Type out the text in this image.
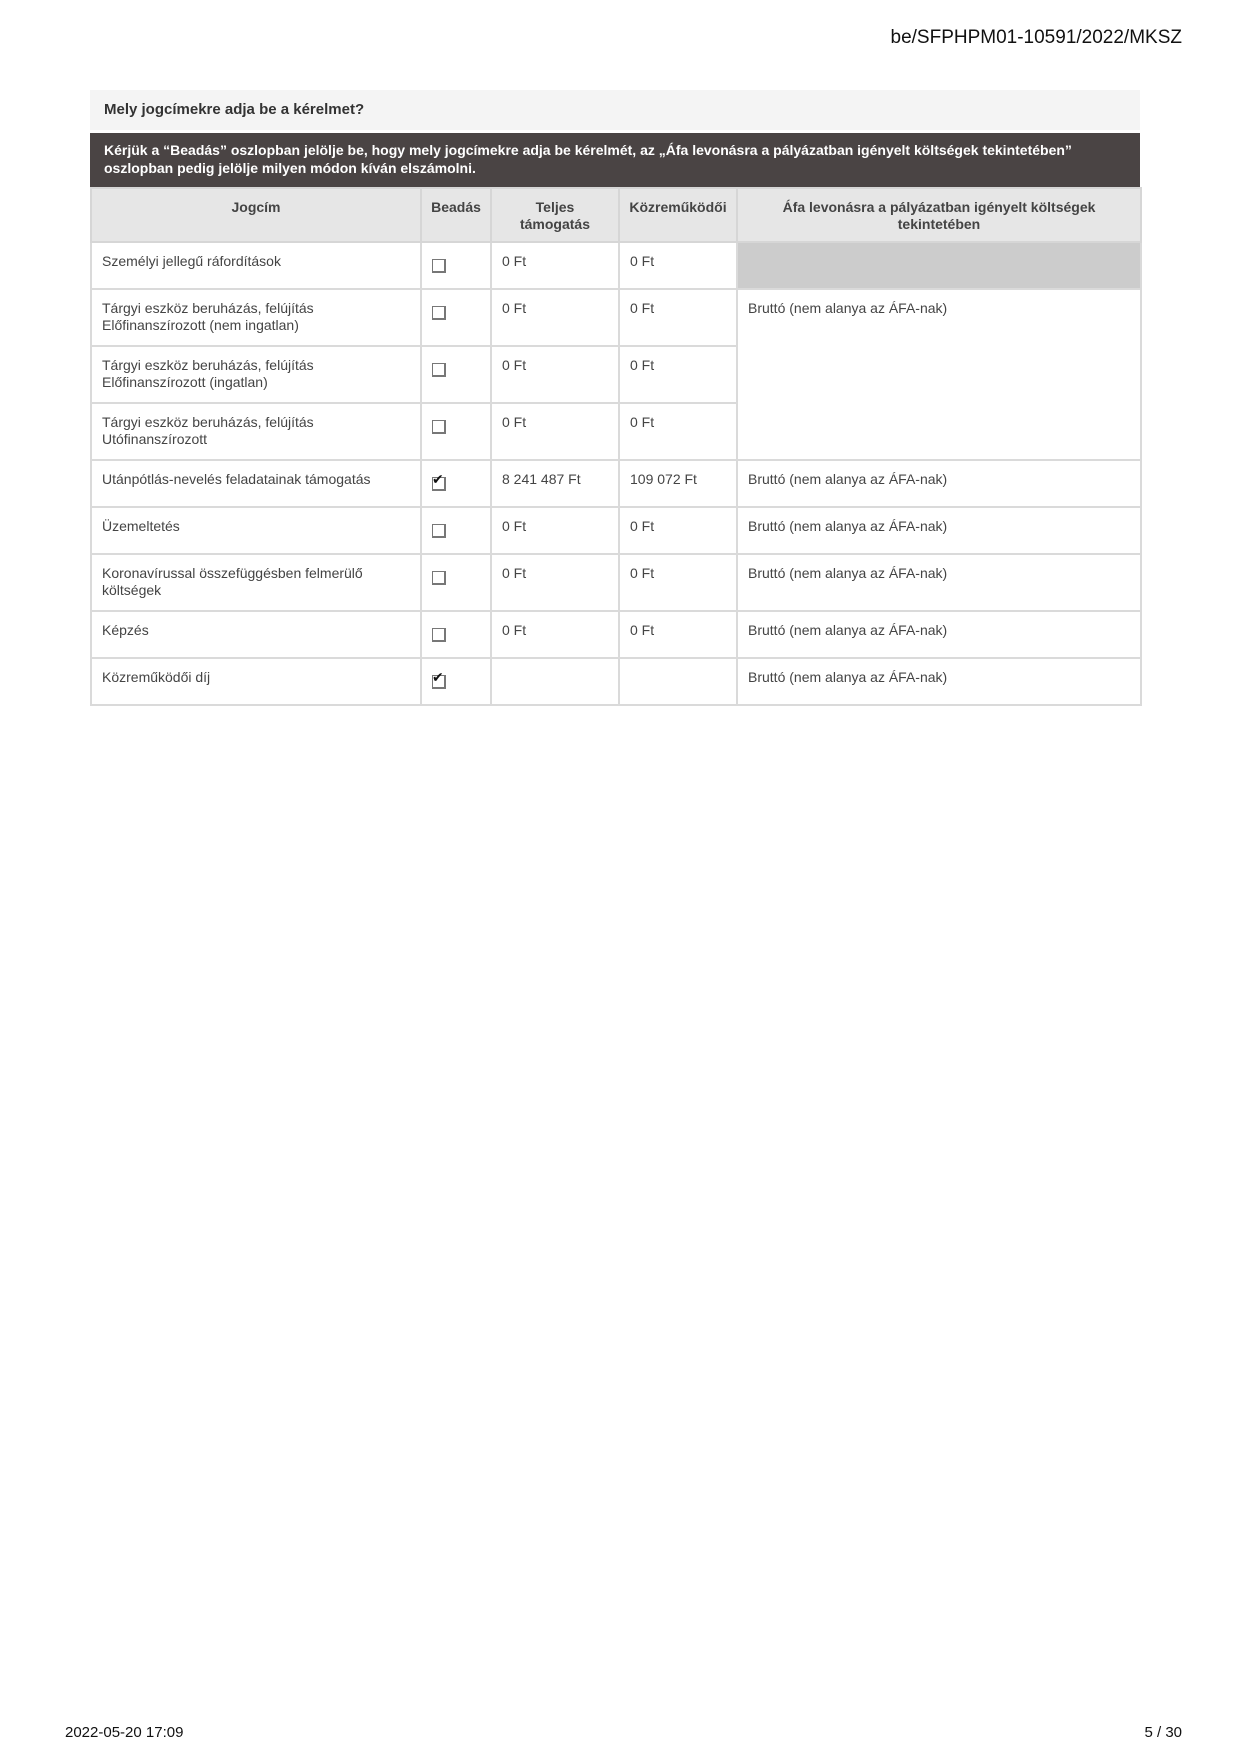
be/SFPHPM01-10591/2022/MKSZ
Mely jogcímekre adja be a kérelmet?
Kérjük a “Beadás” oszlopban jelölje be, hogy mely jogcímekre adja be kérelmét, az „Áfa levonásra a pályázatban igényelt költségek tekintetében” oszlopban pedig jelölje milyen módon kíván elszámolni.
Jogcím	Beadás	Teljes támogatás	Közreműködői	Áfa levonásra a pályázatban igényelt költségek tekintetében
Személyi jellegű ráfordítások		0 Ft	0 Ft	
Tárgyi eszköz beruházás, felújítás Előfinanszírozott (nem ingatlan)		0 Ft	0 Ft	Bruttó (nem alanya az ÁFA-nak)
Tárgyi eszköz beruházás, felújítás Előfinanszírozott (ingatlan)		0 Ft	0 Ft	
Tárgyi eszköz beruházás, felújítás Utófinanszírozott		0 Ft	0 Ft	
Utánpótlás-nevelés feladatainak támogatás	✔	8 241 487 Ft	109 072 Ft	Bruttó (nem alanya az ÁFA-nak)
Üzemeltetés		0 Ft	0 Ft	Bruttó (nem alanya az ÁFA-nak)
Koronavírussal összefüggésben felmerülő költségek		0 Ft	0 Ft	Bruttó (nem alanya az ÁFA-nak)
Képzés		0 Ft	0 Ft	Bruttó (nem alanya az ÁFA-nak)
Közreműködői díj	✔			Bruttó (nem alanya az ÁFA-nak)
2022-05-20 17:09	5 / 30
